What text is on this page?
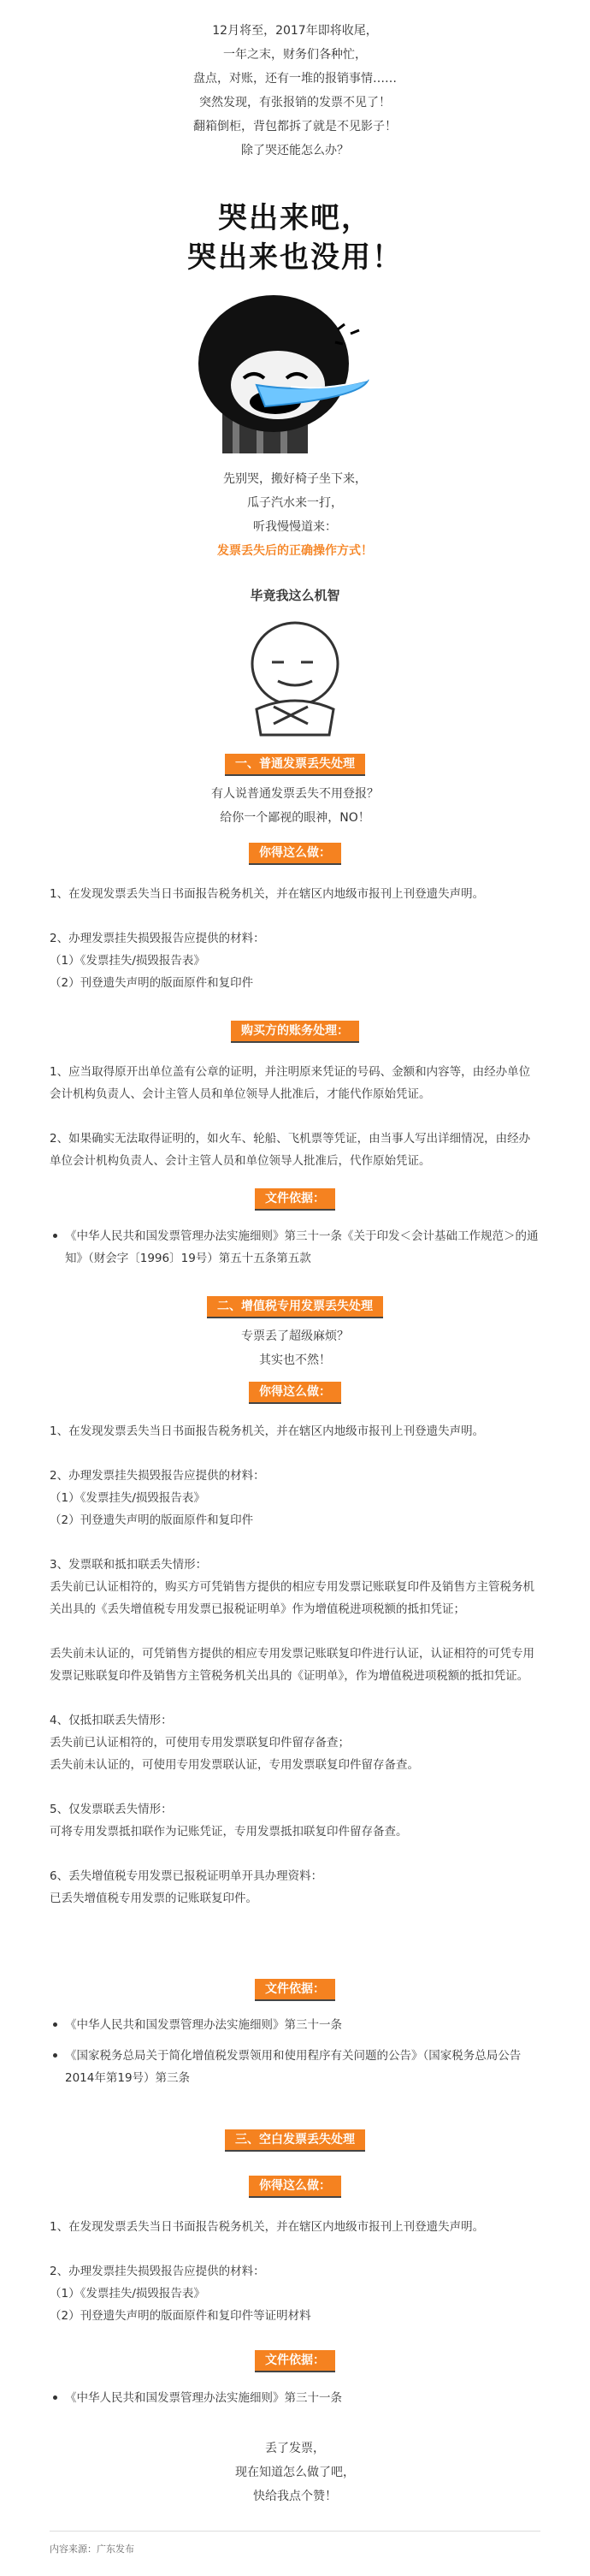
12月将至，2017年即将收尾，

一年之末，财务们各种忙，

盘点，对账，还有一堆的报销事情……

突然发现，有张报销的发票不见了！

翻箱倒柜，背包都拆了就是不见影子！

除了哭还能怎么办？

哭出来吧，
哭出来也没用！

先别哭，搬好椅子坐下来，

瓜子汽水来一打，

听我慢慢道来：

发票丢失后的正确操作方式！

毕竟我这么机智

一、普通发票丢失处理

有人说普通发票丢失不用登报？

给你一个鄙视的眼神，NO！

你得这么做：

1、在发现发票丢失当日书面报告税务机关，并在辖区内地级市报刊上刊登遗失声明。

2、办理发票挂失损毁报告应提供的材料：

（1）《发票挂失/损毁报告表》

（2）刊登遗失声明的版面原件和复印件

购买方的账务处理：

1、应当取得原开出单位盖有公章的证明，并注明原来凭证的号码、金额和内容等，由经办单位会计机构负责人、会计主管人员和单位领导人批准后，才能代作原始凭证。

2、如果确实无法取得证明的，如火车、轮船、飞机票等凭证，由当事人写出详细情况，由经办单位会计机构负责人、会计主管人员和单位领导人批准后，代作原始凭证。

文件依据：
《中华人民共和国发票管理办法实施细则》第三十一条《关于印发＜会计基础工作规范＞的通知》（财会字〔1996〕19号）第五十五条第五款
二、增值税专用发票丢失处理

专票丢了超级麻烦？

其实也不然！

你得这么做：

1、在发现发票丢失当日书面报告税务机关，并在辖区内地级市报刊上刊登遗失声明。

2、办理发票挂失损毁报告应提供的材料：

（1）《发票挂失/损毁报告表》

（2）刊登遗失声明的版面原件和复印件

3、发票联和抵扣联丢失情形：

丢失前已认证相符的，购买方可凭销售方提供的相应专用发票记账联复印件及销售方主管税务机关出具的《丢失增值税专用发票已报税证明单》作为增值税进项税额的抵扣凭证；

丢失前未认证的，可凭销售方提供的相应专用发票记账联复印件进行认证，认证相符的可凭专用发票记账联复印件及销售方主管税务机关出具的《证明单》，作为增值税进项税额的抵扣凭证。

4、仅抵扣联丢失情形：

丢失前已认证相符的，可使用专用发票联复印件留存备查；

丢失前未认证的，可使用专用发票联认证，专用发票联复印件留存备查。

5、仅发票联丢失情形：

可将专用发票抵扣联作为记账凭证，专用发票抵扣联复印件留存备查。

6、丢失增值税专用发票已报税证明单开具办理资料：

已丢失增值税专用发票的记账联复印件。

文件依据：
《中华人民共和国发票管理办法实施细则》第三十一条
《国家税务总局关于简化增值税发票领用和使用程序有关问题的公告》（国家税务总局公告2014年第19号）第三条
三、空白发票丢失处理
你得这么做：

1、在发现发票丢失当日书面报告税务机关，并在辖区内地级市报刊上刊登遗失声明。

2、办理发票挂失损毁报告应提供的材料：

（1）《发票挂失/损毁报告表》

（2）刊登遗失声明的版面原件和复印件等证明材料

文件依据：
《中华人民共和国发票管理办法实施细则》第三十一条

丢了发票，

现在知道怎么做了吧，

快给我点个赞！

内容来源：广东发布
